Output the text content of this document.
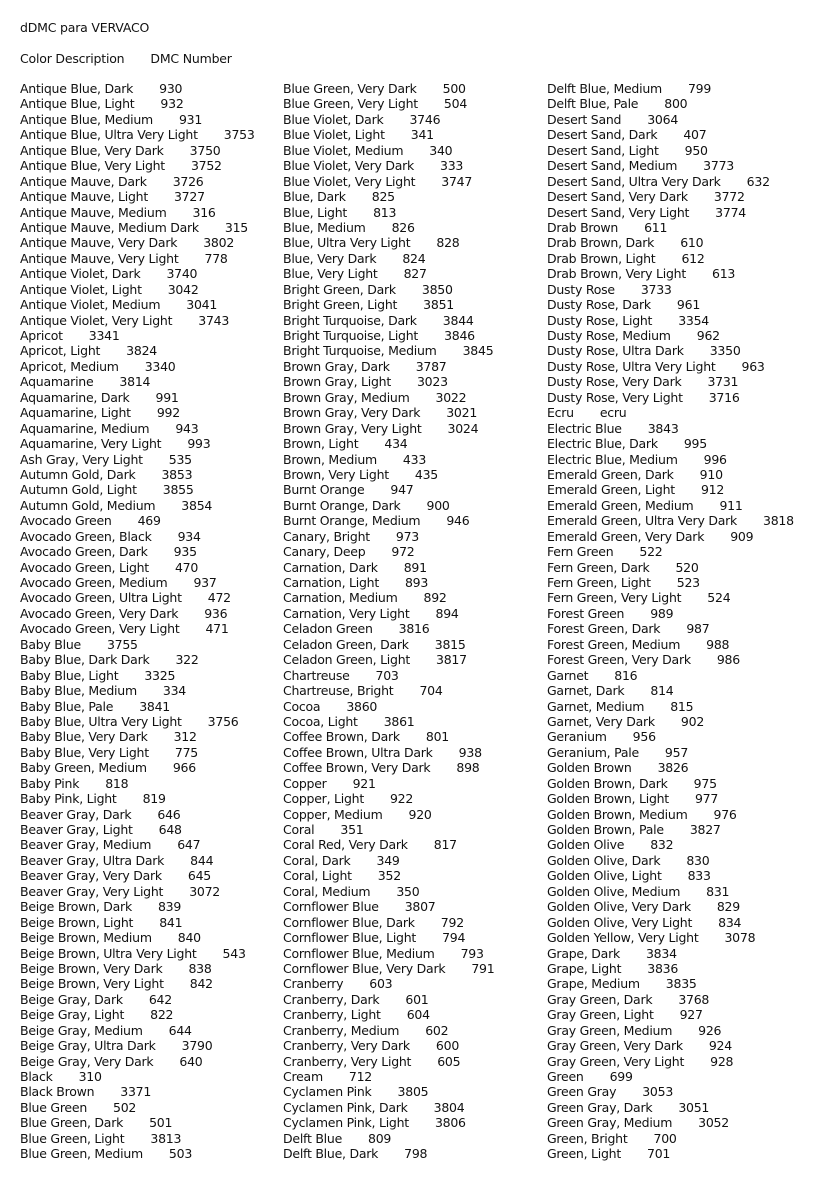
dDMC para VERVACO
Color Description DMC Number
Antique Blue, Dark 930
Antique Blue, Light 932
Antique Blue, Medium 931
Antique Blue, Ultra Very Light 3753
Antique Blue, Very Dark 3750
Antique Blue, Very Light 3752
Antique Mauve, Dark 3726
Antique Mauve, Light 3727
Antique Mauve, Medium 316
Antique Mauve, Medium Dark 315
Antique Mauve, Very Dark 3802
Antique Mauve, Very Light 778
Antique Violet, Dark 3740
Antique Violet, Light 3042
Antique Violet, Medium 3041
Antique Violet, Very Light 3743
Apricot 3341
Apricot, Light 3824
Apricot, Medium 3340
Aquamarine 3814
Aquamarine, Dark 991
Aquamarine, Light 992
Aquamarine, Medium 943
Aquamarine, Very Light 993
Ash Gray, Very Light 535
Autumn Gold, Dark 3853
Autumn Gold, Light 3855
Autumn Gold, Medium 3854
Avocado Green 469
Avocado Green, Black 934
Avocado Green, Dark 935
Avocado Green, Light 470
Avocado Green, Medium 937
Avocado Green, Ultra Light 472
Avocado Green, Very Dark 936
Avocado Green, Very Light 471
Baby Blue 3755
Baby Blue, Dark Dark 322
Baby Blue, Light 3325
Baby Blue, Medium 334
Baby Blue, Pale 3841
Baby Blue, Ultra Very Light 3756
Baby Blue, Very Dark 312
Baby Blue, Very Light 775
Baby Green, Medium 966
Baby Pink 818
Baby Pink, Light 819
Beaver Gray, Dark 646
Beaver Gray, Light 648
Beaver Gray, Medium 647
Beaver Gray, Ultra Dark 844
Beaver Gray, Very Dark 645
Beaver Gray, Very Light 3072
Beige Brown, Dark 839
Beige Brown, Light 841
Beige Brown, Medium 840
Beige Brown, Ultra Very Light 543
Beige Brown, Very Dark 838
Beige Brown, Very Light 842
Beige Gray, Dark 642
Beige Gray, Light 822
Beige Gray, Medium 644
Beige Gray, Ultra Dark 3790
Beige Gray, Very Dark 640
Black 310
Black Brown 3371
Blue Green 502
Blue Green, Dark 501
Blue Green, Light 3813
Blue Green, Medium 503
Blue Green, Very Dark 500
Blue Green, Very Light 504
Blue Violet, Dark 3746
Blue Violet, Light 341
Blue Violet, Medium 340
Blue Violet, Very Dark 333
Blue Violet, Very Light 3747
Blue, Dark 825
Blue, Light 813
Blue, Medium 826
Blue, Ultra Very Light 828
Blue, Very Dark 824
Blue, Very Light 827
Bright Green, Dark 3850
Bright Green, Light 3851
Bright Turquoise, Dark 3844
Bright Turquoise, Light 3846
Bright Turquoise, Medium 3845
Brown Gray, Dark 3787
Brown Gray, Light 3023
Brown Gray, Medium 3022
Brown Gray, Very Dark 3021
Brown Gray, Very Light 3024
Brown, Light 434
Brown, Medium 433
Brown, Very Light 435
Burnt Orange 947
Burnt Orange, Dark 900
Burnt Orange, Medium 946
Canary, Bright 973
Canary, Deep 972
Carnation, Dark 891
Carnation, Light 893
Carnation, Medium 892
Carnation, Very Light 894
Celadon Green 3816
Celadon Green, Dark 3815
Celadon Green, Light 3817
Chartreuse 703
Chartreuse, Bright 704
Cocoa 3860
Cocoa, Light 3861
Coffee Brown, Dark 801
Coffee Brown, Ultra Dark 938
Coffee Brown, Very Dark 898
Copper 921
Copper, Light 922
Copper, Medium 920
Coral 351
Coral Red, Very Dark 817
Coral, Dark 349
Coral, Light 352
Coral, Medium 350
Cornflower Blue 3807
Cornflower Blue, Dark 792
Cornflower Blue, Light 794
Cornflower Blue, Medium 793
Cornflower Blue, Very Dark 791
Cranberry 603
Cranberry, Dark 601
Cranberry, Light 604
Cranberry, Medium 602
Cranberry, Very Dark 600
Cranberry, Very Light 605
Cream 712
Cyclamen Pink 3805
Cyclamen Pink, Dark 3804
Cyclamen Pink, Light 3806
Delft Blue 809
Delft Blue, Dark 798
Delft Blue, Medium 799
Delft Blue, Pale 800
Desert Sand 3064
Desert Sand, Dark 407
Desert Sand, Light 950
Desert Sand, Medium 3773
Desert Sand, Ultra Very Dark 632
Desert Sand, Very Dark 3772
Desert Sand, Very Light 3774
Drab Brown 611
Drab Brown, Dark 610
Drab Brown, Light 612
Drab Brown, Very Light 613
Dusty Rose 3733
Dusty Rose, Dark 961
Dusty Rose, Light 3354
Dusty Rose, Medium 962
Dusty Rose, Ultra Dark 3350
Dusty Rose, Ultra Very Light 963
Dusty Rose, Very Dark 3731
Dusty Rose, Very Light 3716
Ecru ecru
Electric Blue 3843
Electric Blue, Dark 995
Electric Blue, Medium 996
Emerald Green, Dark 910
Emerald Green, Light 912
Emerald Green, Medium 911
Emerald Green, Ultra Very Dark 3818
Emerald Green, Very Dark 909
Fern Green 522
Fern Green, Dark 520
Fern Green, Light 523
Fern Green, Very Light 524
Forest Green 989
Forest Green, Dark 987
Forest Green, Medium 988
Forest Green, Very Dark 986
Garnet 816
Garnet, Dark 814
Garnet, Medium 815
Garnet, Very Dark 902
Geranium 956
Geranium, Pale 957
Golden Brown 3826
Golden Brown, Dark 975
Golden Brown, Light 977
Golden Brown, Medium 976
Golden Brown, Pale 3827
Golden Olive 832
Golden Olive, Dark 830
Golden Olive, Light 833
Golden Olive, Medium 831
Golden Olive, Very Dark 829
Golden Olive, Very Light 834
Golden Yellow, Very Light 3078
Grape, Dark 3834
Grape, Light 3836
Grape, Medium 3835
Gray Green, Dark 3768
Gray Green, Light 927
Gray Green, Medium 926
Gray Green, Very Dark 924
Gray Green, Very Light 928
Green 699
Green Gray 3053
Green Gray, Dark 3051
Green Gray, Medium 3052
Green, Bright 700
Green, Light 701
